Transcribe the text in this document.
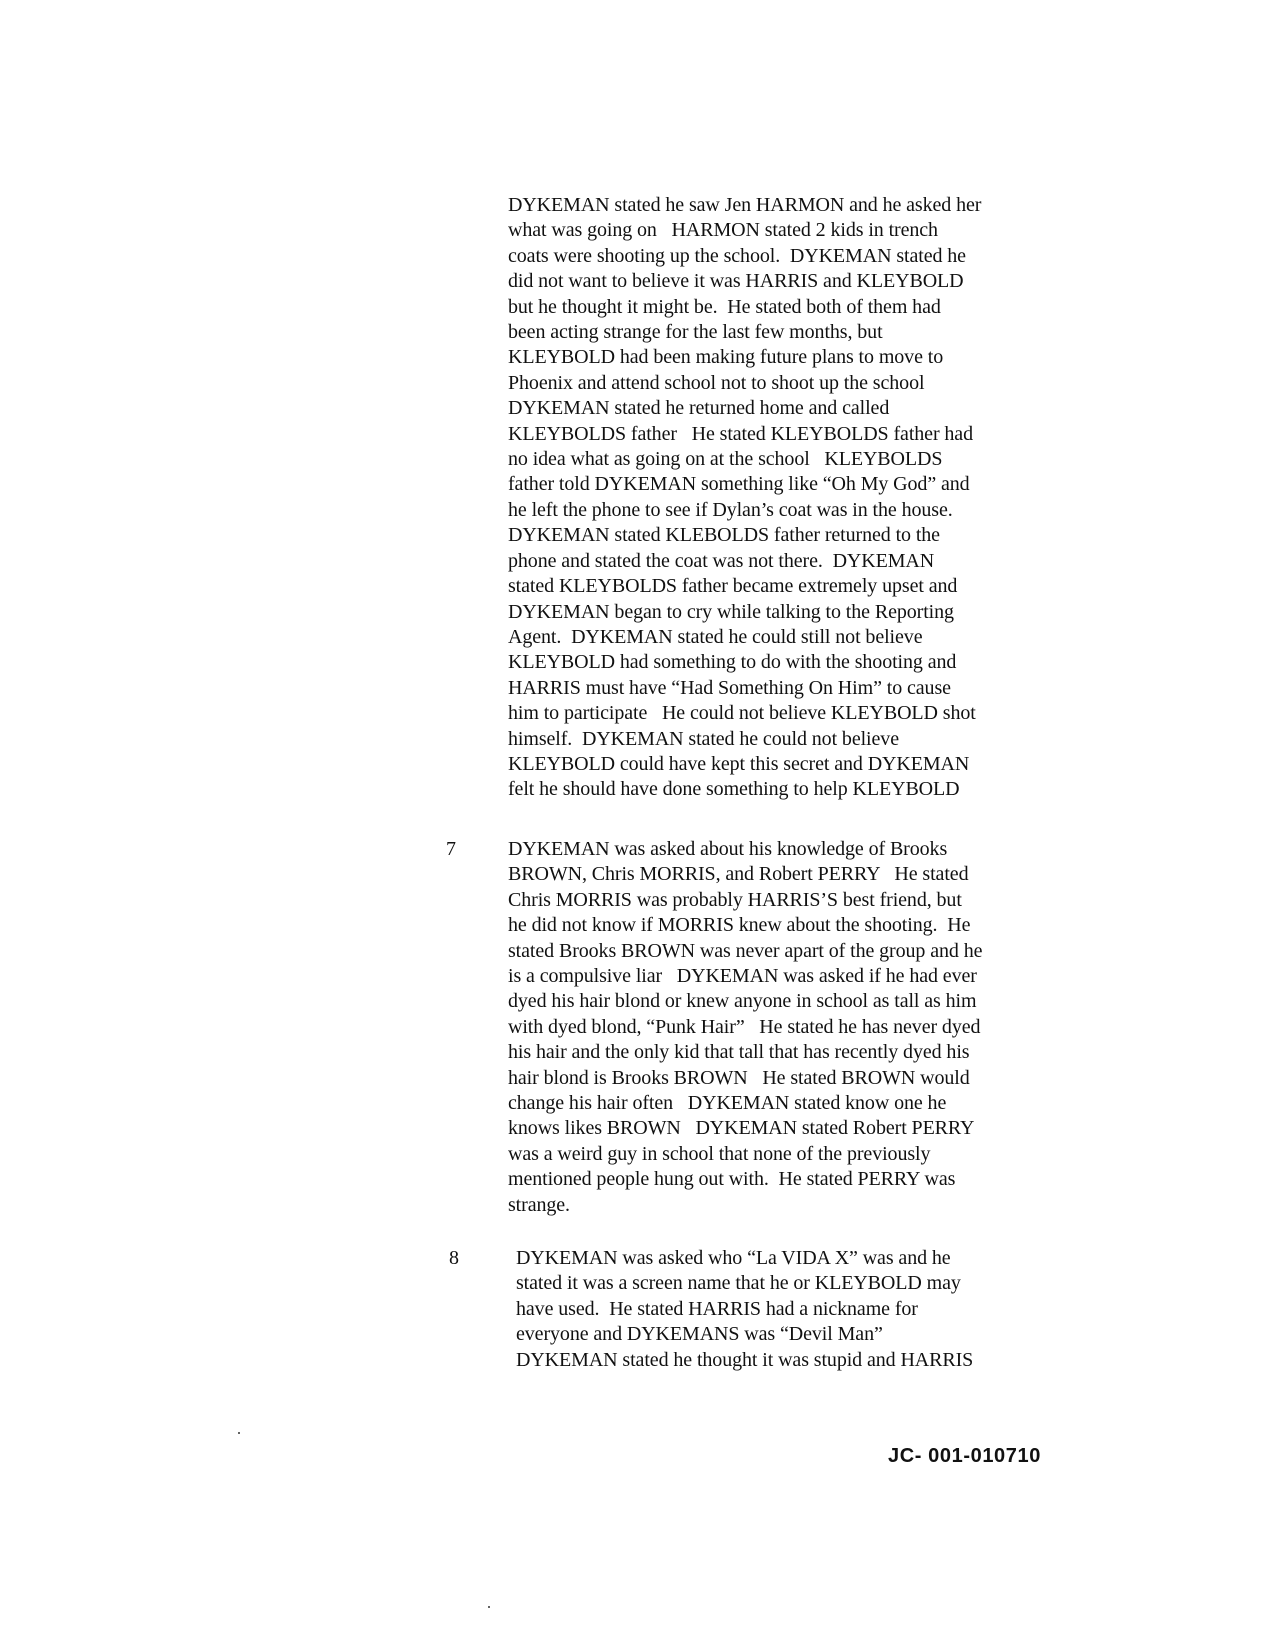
DYKEMAN stated he saw Jen HARMON and he asked her
what was going on   HARMON stated 2 kids in trench
coats were shooting up the school.  DYKEMAN stated he
did not want to believe it was HARRIS and KLEYBOLD
but he thought it might be.  He stated both of them had
been acting strange for the last few months, but
KLEYBOLD had been making future plans to move to
Phoenix and attend school not to shoot up the school
DYKEMAN stated he returned home and called
KLEYBOLDS father   He stated KLEYBOLDS father had
no idea what as going on at the school   KLEYBOLDS
father told DYKEMAN something like “Oh My God” and
he left the phone to see if Dylan’s coat was in the house.
DYKEMAN stated KLEBOLDS father returned to the
phone and stated the coat was not there.  DYKEMAN
stated KLEYBOLDS father became extremely upset and
DYKEMAN began to cry while talking to the Reporting
Agent.  DYKEMAN stated he could still not believe
KLEYBOLD had something to do with the shooting and
HARRIS must have “Had Something On Him” to cause
him to participate   He could not believe KLEYBOLD shot
himself.  DYKEMAN stated he could not believe
KLEYBOLD could have kept this secret and DYKEMAN
felt he should have done something to help KLEYBOLD
7	DYKEMAN was asked about his knowledge of Brooks
BROWN, Chris MORRIS, and Robert PERRY   He stated
Chris MORRIS was probably HARRIS’S best friend, but
he did not know if MORRIS knew about the shooting.  He
stated Brooks BROWN was never apart of the group and he
is a compulsive liar   DYKEMAN was asked if he had ever
dyed his hair blond or knew anyone in school as tall as him
with dyed blond, “Punk Hair”   He stated he has never dyed
his hair and the only kid that tall that has recently dyed his
hair blond is Brooks BROWN   He stated BROWN would
change his hair often   DYKEMAN stated know one he
knows likes BROWN   DYKEMAN stated Robert PERRY
was a weird guy in school that none of the previously
mentioned people hung out with.  He stated PERRY was
strange.
8	DYKEMAN was asked who “La VIDA X” was and he
stated it was a screen name that he or KLEYBOLD may
have used.  He stated HARRIS had a nickname for
everyone and DYKEMANS was “Devil Man”
DYKEMAN stated he thought it was stupid and HARRIS
JC- 001-010710
